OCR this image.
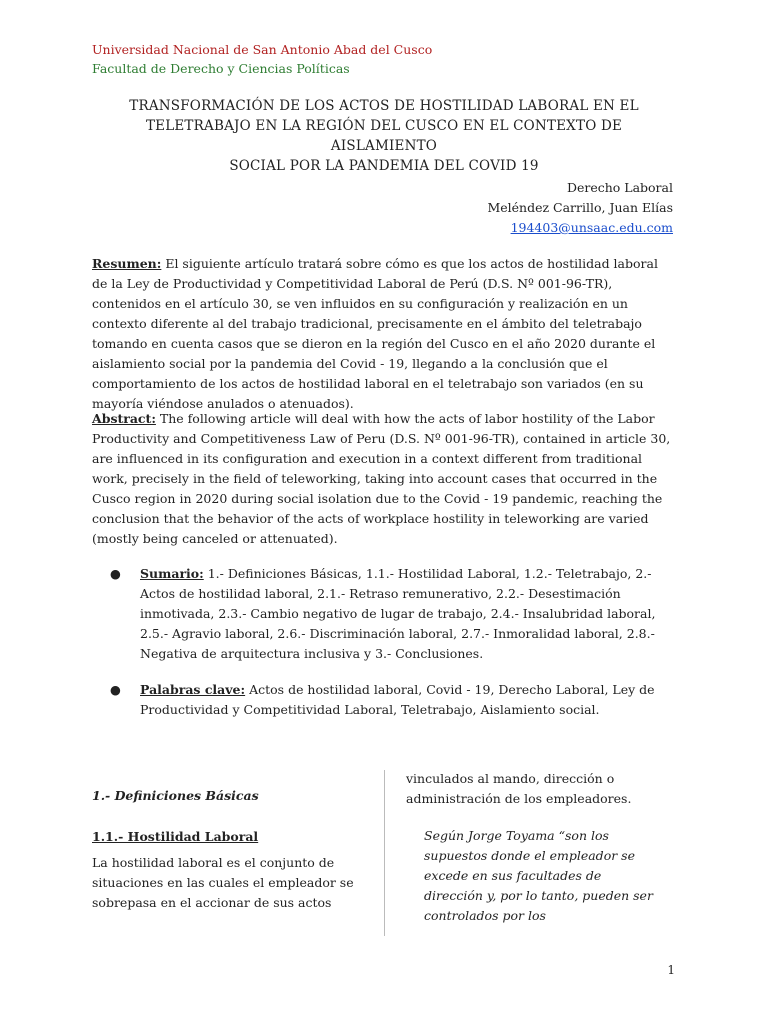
Universidad Nacional de San Antonio Abad del Cusco
Facultad de Derecho y Ciencias Políticas
TRANSFORMACIÓN DE LOS ACTOS DE HOSTILIDAD LABORAL EN EL
TELETRABAJO EN LA REGIÓN DEL CUSCO EN EL CONTEXTO DE AISLAMIENTO
SOCIAL POR LA PANDEMIA DEL COVID 19
Derecho Laboral
Meléndez Carrillo, Juan Elías
194403@unsaac.edu.com
Resumen: El siguiente artículo tratará sobre cómo es que los actos de hostilidad laboral de la Ley de Productividad y Competitividad Laboral de Perú (D.S. Nº 001-96-TR), contenidos en el artículo 30, se ven influidos en su configuración y realización en un contexto diferente al del trabajo tradicional, precisamente en el ámbito del teletrabajo tomando en cuenta casos que se dieron en la región del Cusco en el año 2020 durante el aislamiento social por la pandemia del Covid - 19, llegando a la conclusión que el comportamiento de los actos de hostilidad laboral en el teletrabajo son variados (en su mayoría viéndose anulados o atenuados).
Abstract: The following article will deal with how the acts of labor hostility of the Labor Productivity and Competitiveness Law of Peru (D.S. Nº 001-96-TR), contained in article 30, are influenced in its configuration and execution in a context different from traditional work, precisely in the field of teleworking, taking into account cases that occurred in the Cusco region in 2020 during social isolation due to the Covid - 19 pandemic, reaching the conclusion that the behavior of the acts of workplace hostility in teleworking are varied (mostly being canceled or attenuated).
● Sumario: 1.- Definiciones Básicas, 1.1.- Hostilidad Laboral, 1.2.- Teletrabajo, 2.- Actos de hostilidad laboral, 2.1.- Retraso remunerativo, 2.2.- Desestimación inmotivada, 2.3.- Cambio negativo de lugar de trabajo, 2.4.- Insalubridad laboral, 2.5.- Agravio laboral, 2.6.- Discriminación laboral, 2.7.- Inmoralidad laboral, 2.8.- Negativa de arquitectura inclusiva y 3.- Conclusiones.
● Palabras clave: Actos de hostilidad laboral, Covid - 19, Derecho Laboral, Ley de Productividad y Competitividad Laboral, Teletrabajo, Aislamiento social.
1.- Definiciones Básicas
1.1.- Hostilidad Laboral
La hostilidad laboral es el conjunto de situaciones en las cuales el empleador se sobrepasa en el accionar de sus actos
vinculados al mando, dirección o administración de los empleadores.
Según Jorge Toyama “son los supuestos donde el empleador se excede en sus facultades de dirección y, por lo tanto, pueden ser controlados por los
1
